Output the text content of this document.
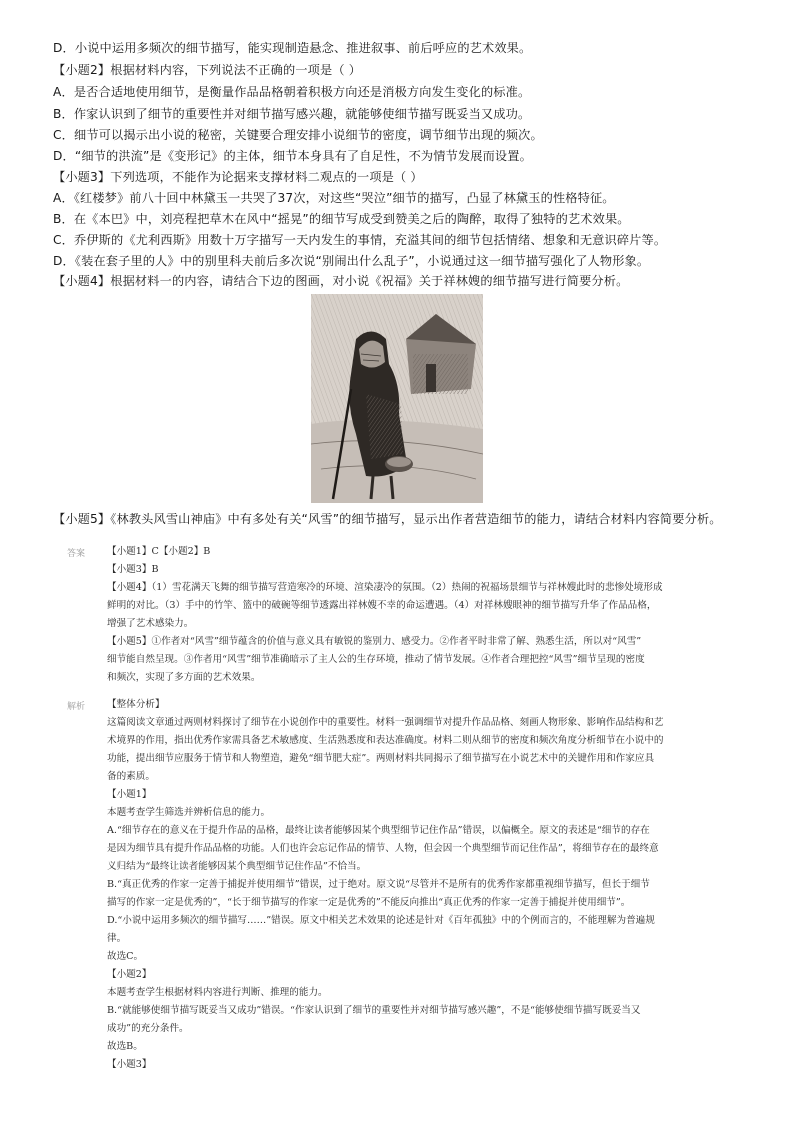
D．小说中运用多频次的细节描写，能实现制造悬念、推进叙事、前后呼应的艺术效果。
【小题2】根据材料内容，下列说法不正确的一项是（ ）
A．是否合适地使用细节，是衡量作品品格朝着积极方向还是消极方向发生变化的标准。
B．作家认识到了细节的重要性并对细节描写感兴趣，就能够使细节描写既妥当又成功。
C．细节可以揭示出小说的秘密，关键要合理安排小说细节的密度，调节细节出现的频次。
D．“细节的洪流”是《变形记》的主体，细节本身具有了自足性，不为情节发展而设置。
【小题3】下列选项，不能作为论据来支撑材料二观点的一项是（ ）
A．《红楼梦》前八十回中林黛玉一共哭了37次，对这些“哭泣”细节的描写，凸显了林黛玉的性格特征。
B．在《本巴》中，刘亮程把草木在风中“摇晃”的细节写成受到赞美之后的陶醉，取得了独特的艺术效果。
C．乔伊斯的《尤利西斯》用数十万字描写一天内发生的事情，充溢其间的细节包括情绪、想象和无意识碎片等。
D．《装在套子里的人》中的别里科夫前后多次说“别闹出什么乱子”，小说通过这一细节描写强化了人物形象。
【小题4】根据材料一的内容，请结合下边的图画，对小说《祝福》关于祥林嫂的细节描写进行简要分析。
【小题5】《林教头风雪山神庙》中有多处有关“风雪”的细节描写，显示出作者营造细节的能力，请结合材料内容简要分析。
答案 【小题1】C【小题2】B
【小题3】B
【小题4】（1）雪花满天飞舞的细节描写营造寒冷的环境、渲染凄冷的氛围。（2）热闹的祝福场景细节与祥林嫂此时的悲惨处境形成
鲜明的对比。（3）手中的竹竿、篮中的破碗等细节透露出祥林嫂不幸的命运遭遇。（4）对祥林嫂眼神的细节描写升华了作品品格，
增强了艺术感染力。
【小题5】①作者对“风雪”细节蕴含的价值与意义具有敏锐的鉴别力、感受力。②作者平时非常了解、熟悉生活，所以对“风雪”
细节能自然呈现。③作者用“风雪”细节准确暗示了主人公的生存环境，推动了情节发展。④作者合理把控“风雪”细节呈现的密度
和频次，实现了多方面的艺术效果。
解析 【整体分析】
这篇阅读文章通过两则材料探讨了细节在小说创作中的重要性。材料一强调细节对提升作品品格、刻画人物形象、影响作品结构和艺
术境界的作用，指出优秀作家需具备艺术敏感度、生活熟悉度和表达准确度。材料二则从细节的密度和频次角度分析细节在小说中的
功能，提出细节应服务于情节和人物塑造，避免“细节肥大症”。两则材料共同揭示了细节描写在小说艺术中的关键作用和作家应具
备的素质。
【小题1】
本题考查学生筛选并辨析信息的能力。
A.“细节存在的意义在于提升作品的品格，最终让读者能够因某个典型细节记住作品”错误，以偏概全。原文的表述是“细节的存在
是因为细节具有提升作品品格的功能。人们也许会忘记作品的情节、人物，但会因一个典型细节而记住作品”，将细节存在的最终意
义归结为“最终让读者能够因某个典型细节记住作品”不恰当。
B.“真正优秀的作家一定善于捕捉并使用细节”错误，过于绝对。原文说“尽管并不是所有的优秀作家都重视细节描写，但长于细节
描写的作家一定是优秀的”，“长于细节描写的作家一定是优秀的”不能反向推出“真正优秀的作家一定善于捕捉并使用细节”。
D.“小说中运用多频次的细节描写……”错误。原文中相关艺术效果的论述是针对《百年孤独》中的个例而言的，不能理解为普遍规
律。
故选C。
【小题2】
本题考查学生根据材料内容进行判断、推理的能力。
B.“就能够使细节描写既妥当又成功”错误。“作家认识到了细节的重要性并对细节描写感兴趣”，不是“能够使细节描写既妥当又
成功”的充分条件。
故选B。
【小题3】
